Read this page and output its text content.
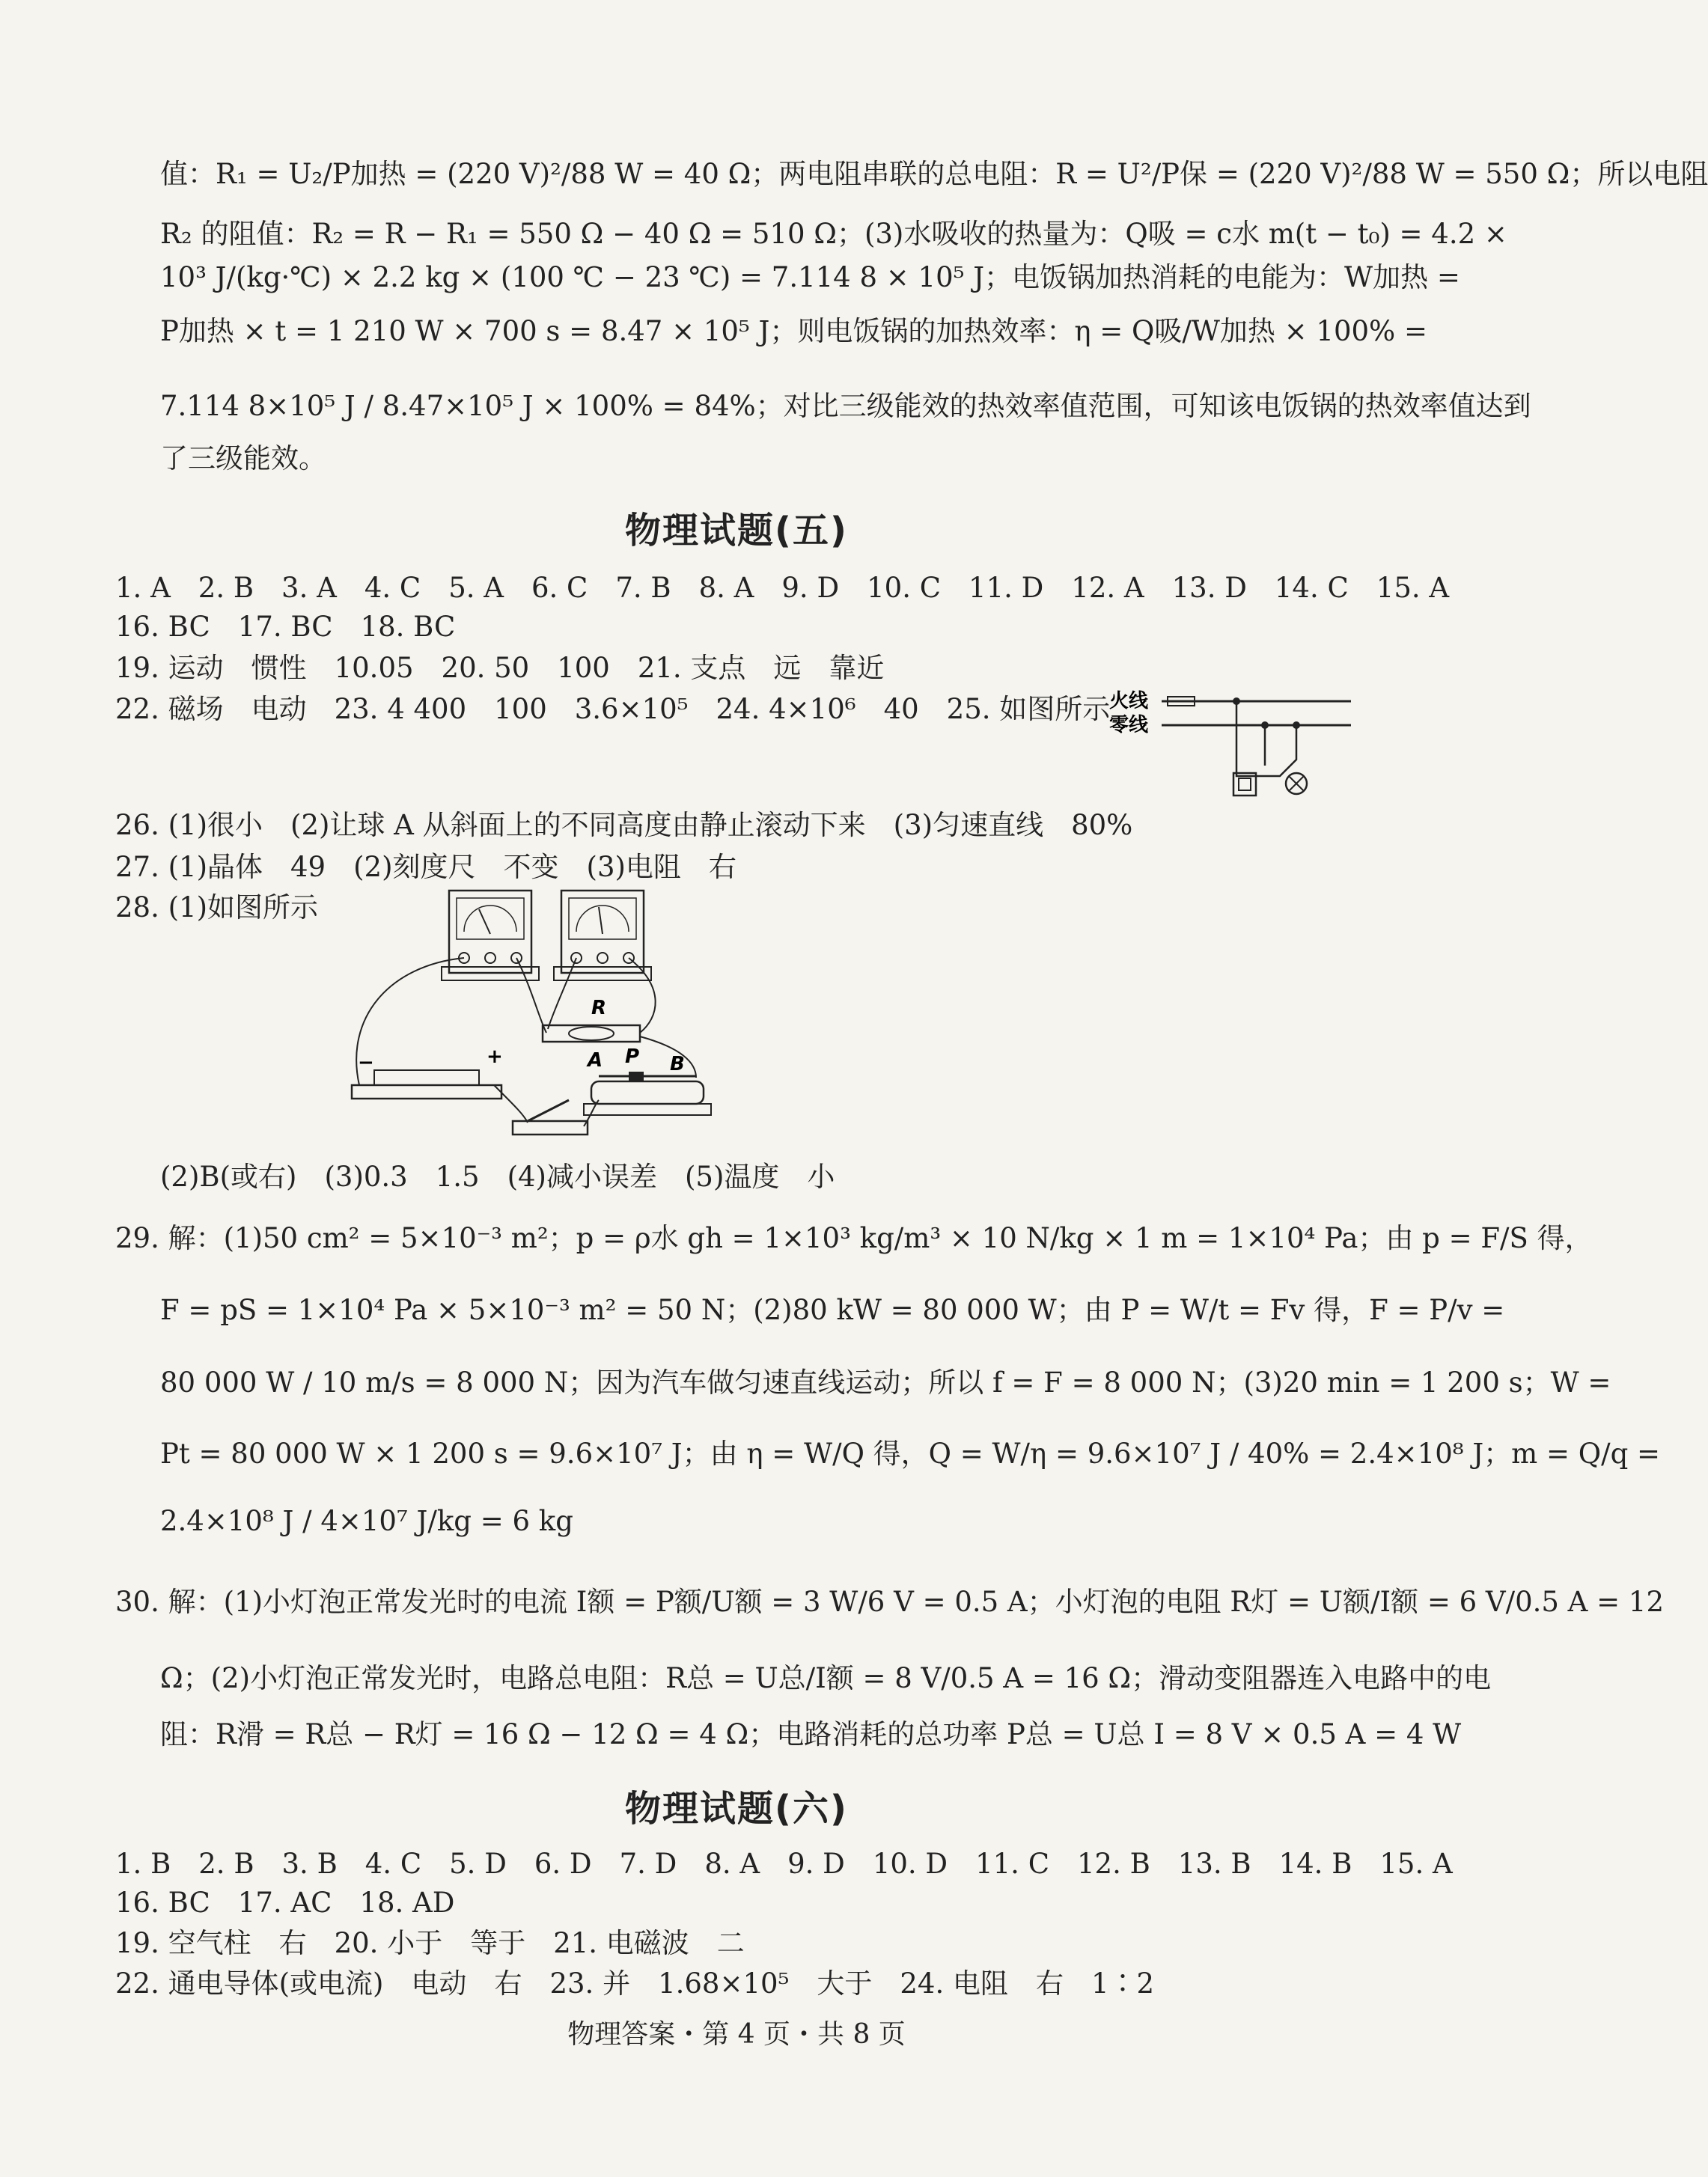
值：R₁ = U₂/P加热 = (220 V)²/88 W = 40 Ω；两电阻串联的总电阻：R = U²/P保 = (220 V)²/88 W = 550 Ω；所以电阻
R₂ 的阻值：R₂ = R − R₁ = 550 Ω − 40 Ω = 510 Ω；(3)水吸收的热量为：Q吸 = c水 m(t − t₀) = 4.2 ×
10³ J/(kg·℃) × 2.2 kg × (100 ℃ − 23 ℃) = 7.114 8 × 10⁵ J；电饭锅加热消耗的电能为：W加热 =
P加热 × t = 1 210 W × 700 s = 8.47 × 10⁵ J；则电饭锅的加热效率：η = Q吸/W加热 × 100% =
7.114 8×10⁵ J / 8.47×10⁵ J × 100% = 84%；对比三级能效的热效率值范围，可知该电饭锅的热效率值达到
了三级能效。
物理试题(五)
1. A　2. B　3. A　4. C　5. A　6. C　7. B　8. A　9. D　10. C　11. D　12. A　13. D　14. C　15. A
16. BC　17. BC　18. BC
19. 运动　惯性　10.05　20. 50　100　21. 支点　远　靠近
22. 磁场　电动　23. 4 400　100　3.6×10⁵　24. 4×10⁶　40　25. 如图所示
火线
零线
26. (1)很小　(2)让球 A 从斜面上的不同高度由静止滚动下来　(3)匀速直线　80%
27. (1)晶体　49　(2)刻度尺　不变　(3)电阻　右
28. (1)如图所示
R
−	+	A P B
(2)B(或右)　(3)0.3　1.5　(4)减小误差　(5)温度　小
29. 解：(1)50 cm² = 5×10⁻³ m²；p = ρ水 gh = 1×10³ kg/m³ × 10 N/kg × 1 m = 1×10⁴ Pa；由 p = F/S 得，
F = pS = 1×10⁴ Pa × 5×10⁻³ m² = 50 N；(2)80 kW = 80 000 W；由 P = W/t = Fv 得，F = P/v =
80 000 W / 10 m/s = 8 000 N；因为汽车做匀速直线运动；所以 f = F = 8 000 N；(3)20 min = 1 200 s；W =
Pt = 80 000 W × 1 200 s = 9.6×10⁷ J；由 η = W/Q 得，Q = W/η = 9.6×10⁷ J / 40% = 2.4×10⁸ J；m = Q/q =
2.4×10⁸ J / 4×10⁷ J/kg = 6 kg
30. 解：(1)小灯泡正常发光时的电流 I额 = P额/U额 = 3 W/6 V = 0.5 A；小灯泡的电阻 R灯 = U额/I额 = 6 V/0.5 A = 12
Ω；(2)小灯泡正常发光时，电路总电阻：R总 = U总/I额 = 8 V/0.5 A = 16 Ω；滑动变阻器连入电路中的电
阻：R滑 = R总 − R灯 = 16 Ω − 12 Ω = 4 Ω；电路消耗的总功率 P总 = U总 I = 8 V × 0.5 A = 4 W
物理试题(六)
1. B　2. B　3. B　4. C　5. D　6. D　7. D　8. A　9. D　10. D　11. C　12. B　13. B　14. B　15. A
16. BC　17. AC　18. AD
19. 空气柱　右　20. 小于　等于　21. 电磁波　二
22. 通电导体(或电流)　电动　右　23. 并　1.68×10⁵　大于　24. 电阻　右　1∶2
物理答案・第 4 页・共 8 页
